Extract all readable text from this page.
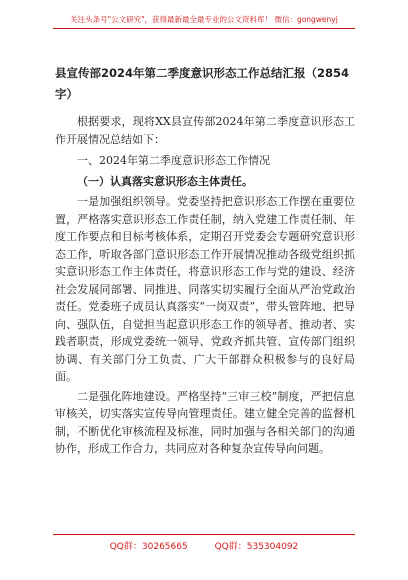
关注头条号"公文研究"，获得最新最全最专业的公文资料库！ 微信：gongwenyj
县宣传部2024年第二季度意识形态工作总结汇报（2854字）

根据要求，现将XX县宣传部2024年第二季度意识形态工作开展情况总结如下：

一、2024年第二季度意识形态工作情况

（一）认真落实意识形态主体责任。

一是加强组织领导。党委坚持把意识形态工作摆在重要位置，严格落实意识形态工作责任制，纳入党建工作责任制、年度工作要点和目标考核体系，定期召开党委会专题研究意识形态工作，听取各部门意识形态工作开展情况推动各级党组织抓实意识形态工作主体责任，将意识形态工作与党的建设、经济社会发展同部署、同推进、同落实切实履行全面从严治党政治责任。党委班子成员认真落实“一岗双责”，带头管阵地、把导向、强队伍，自觉担当起意识形态工作的领导者、推动者、实践者职责，形成党委统一领导、党政齐抓共管、宣传部门组织协调、有关部门分工负责、广大干部群众积极参与的良好局面。

二是强化阵地建设。严格坚持“三审三校”制度，严把信息审核关，切实落实宣传导向管理责任。建立健全完善的监督机制，不断优化审核流程及标准，同时加强与各相关部门的沟通协作，形成工作合力，共同应对各种复杂宣传导向问题。

QQ群：30265665	QQ群：535304092
